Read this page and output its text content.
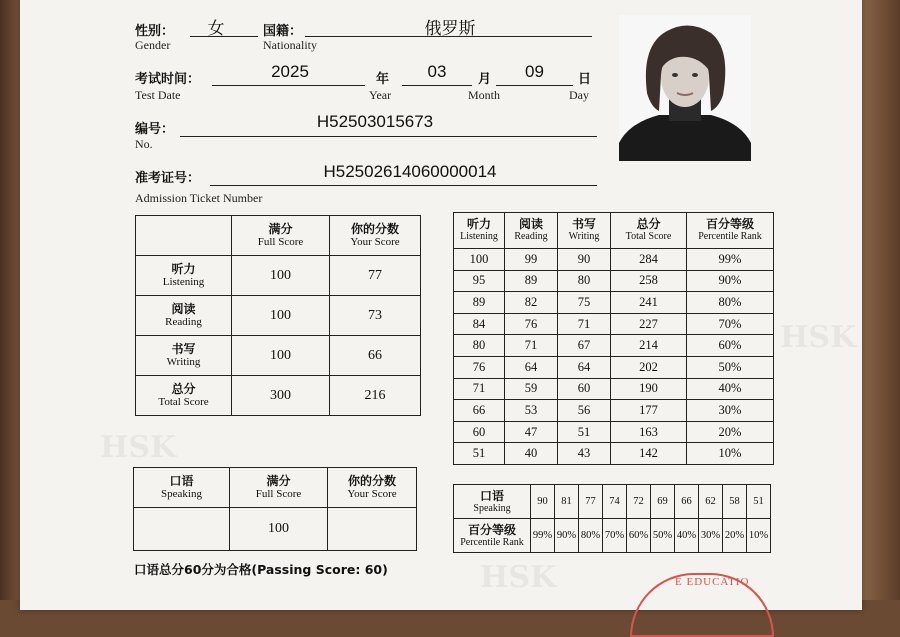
HSK
HSK
HSK
性别：
Gender
女	国籍：
Nationality
俄罗斯
考试时间：
Test Date
2025	年
Year
03	月
Month
09	日
Day
编号：
No.
H52503015673
准考证号：
Admission Ticket Number
H52502614060000014

	满分
Full Score	你的分数
Your Score

听力
Listening	100	77

阅读
Reading	100	73

书写
Writing	100	66

总分
Total Score	300	216
听力
Listening	阅读
Reading	书写
Writing	总分
Total Score	百分等级
Percentile Rank

100	99	90	284	99%
95	89	80	258	90%
89	82	75	241	80%
84	76	71	227	70%
80	71	67	214	60%
76	64	64	202	50%
71	59	60	190	40%
66	53	56	177	30%
60	47	51	163	20%
51	40	43	142	10%
口语
Speaking	满分
Full Score	你的分数
Your Score

	100	
口语
Speaking	90	81	77	74	72	69	66	62	58	51

百分等级
Percentile Rank	99%	90%	80%	70%	60%	50%	40%	30%	20%	10%
口语总分60分为合格(Passing Score: 60)
E EDUCATIO
